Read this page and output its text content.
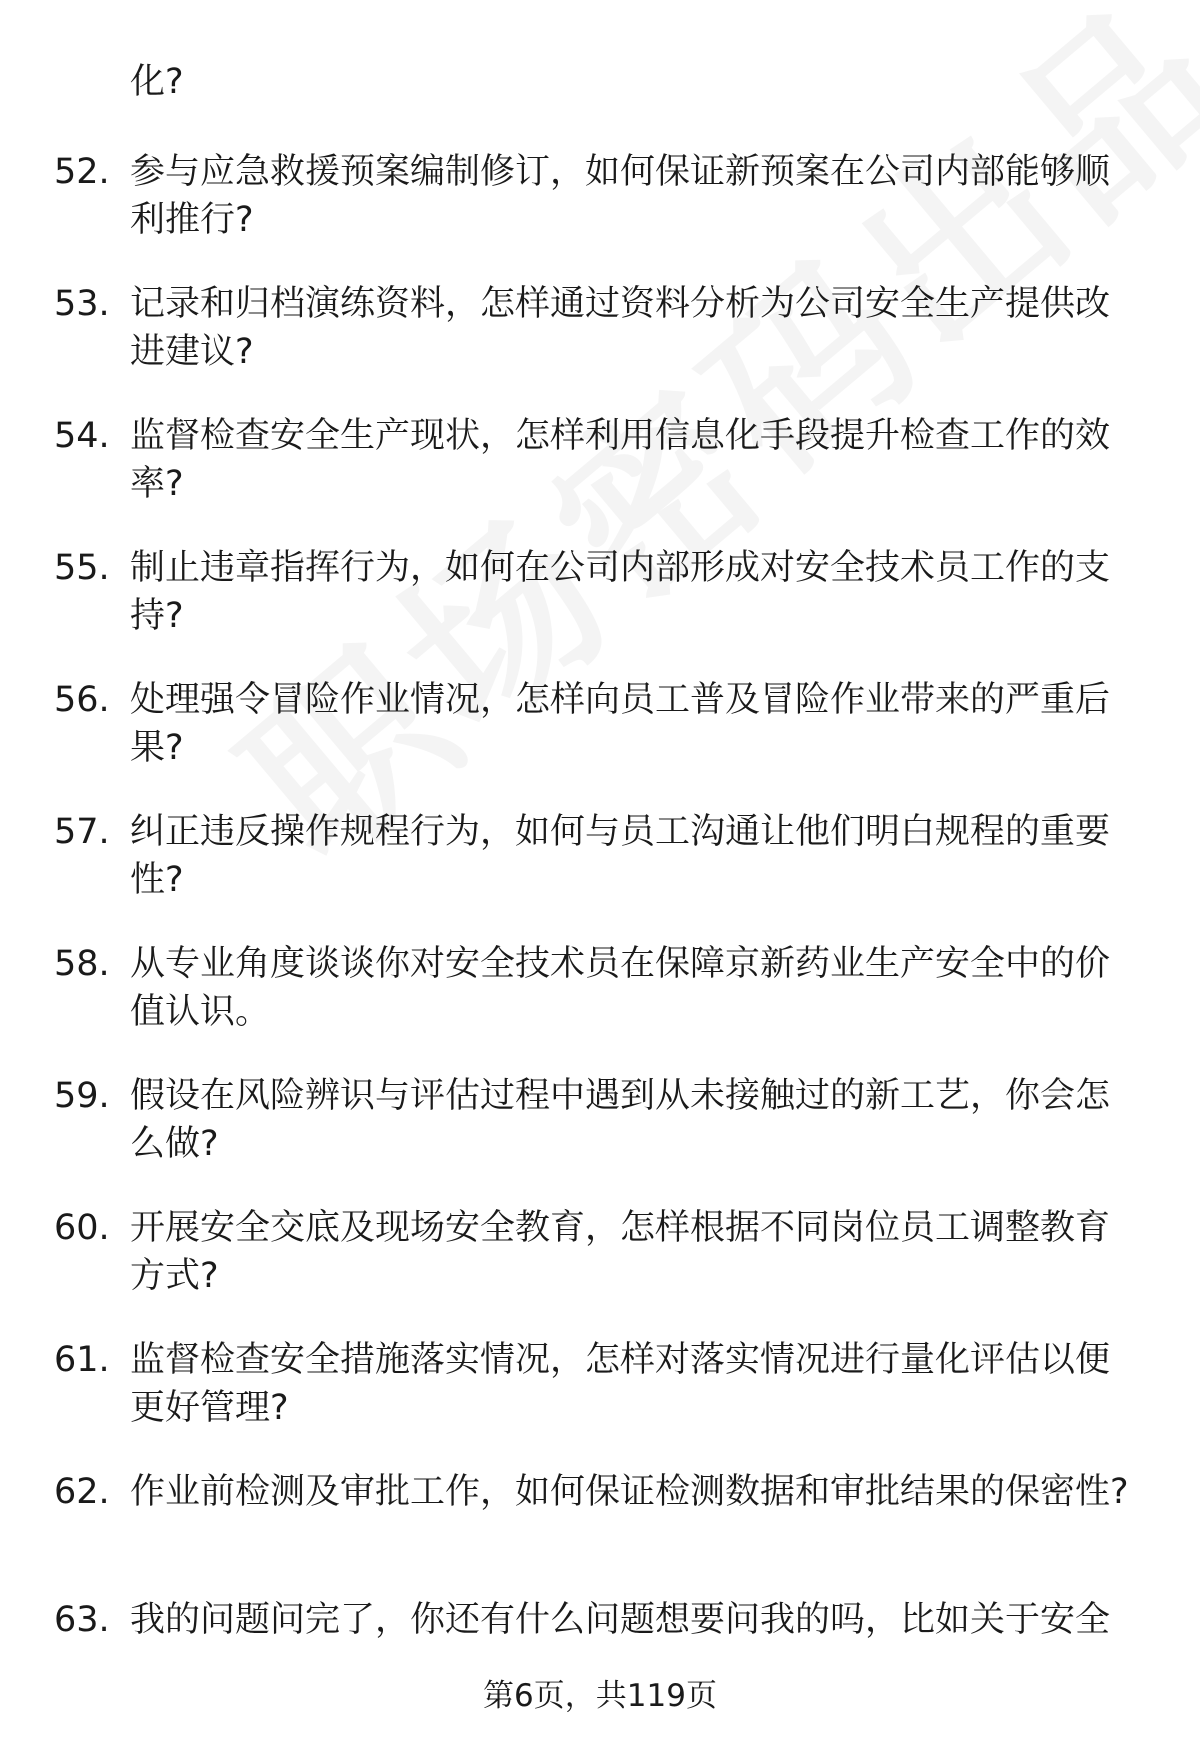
化?
52. 参与应急救援预案编制修订，如何保证新预案在公司内部能够顺利推行?
53. 记录和归档演练资料，怎样通过资料分析为公司安全生产提供改进建议?
54. 监督检查安全生产现状，怎样利用信息化手段提升检查工作的效率?
55. 制止违章指挥行为，如何在公司内部形成对安全技术员工作的支持?
56. 处理强令冒险作业情况，怎样向员工普及冒险作业带来的严重后果?
57. 纠正违反操作规程行为，如何与员工沟通让他们明白规程的重要性?
58. 从专业角度谈谈你对安全技术员在保障京新药业生产安全中的价值认识。
59. 假设在风险辨识与评估过程中遇到从未接触过的新工艺，你会怎么做?
60. 开展安全交底及现场安全教育，怎样根据不同岗位员工调整教育方式?
61. 监督检查安全措施落实情况，怎样对落实情况进行量化评估以便更好管理?
62. 作业前检测及审批工作，如何保证检测数据和审批结果的保密性?
63. 我的问题问完了，你还有什么问题想要问我的吗，比如关于安全
第6页，共119页
